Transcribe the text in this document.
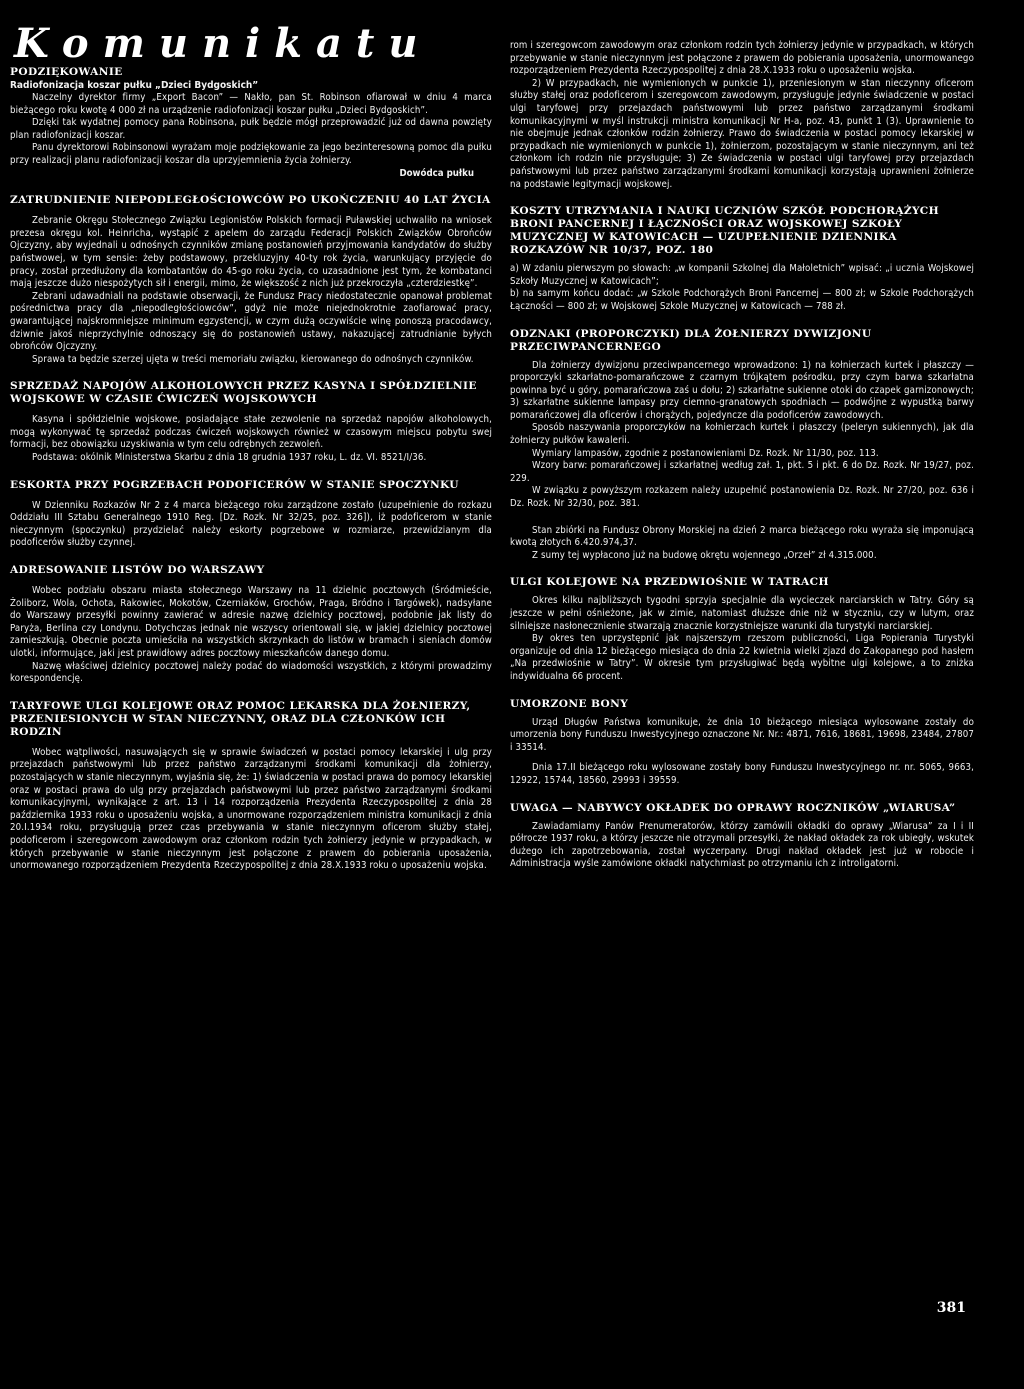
Komunikatu
PODZIĘKOWANIE
Radiofonizacja koszar pułku „Dzieci Bydgoskich”

Naczelny dyrektor firmy „Export Bacon” — Nakło, pan St. Robinson ofiarował w dniu 4 marca bieżącego roku kwotę 4 000 zł na urządzenie radiofonizacji koszar pułku „Dzieci Bydgoskich”.

Dzięki tak wydatnej pomocy pana Robinsona, pułk będzie mógł przeprowadzić już od dawna powzięty plan radiofonizacji koszar.

Panu dyrektorowi Robinsonowi wyrażam moje podziękowanie za jego bezinteresowną pomoc dla pułku przy realizacji planu radiofonizacji koszar dla uprzyjemnienia życia żołnierzy.

Dowódca pułku
ZATRUDNIENIE NIEPODLEGŁOŚCIOWCÓW PO UKOŃCZENIU 40 LAT ŻYCIA

Zebranie Okręgu Stołecznego Związku Legionistów Polskich formacji Puławskiej uchwaliło na wniosek prezesa okręgu kol. Heinricha, wystąpić z apelem do zarządu Federacji Polskich Związków Obrońców Ojczyzny, aby wyjednali u odnośnych czynników zmianę postanowień przyjmowania kandydatów do służby państwowej, w tym sensie: żeby podstawowy, przekluzyjny 40-ty rok życia, warunkujący przyjęcie do pracy, został przedłużony dla kombatantów do 45-go roku życia, co uzasadnione jest tym, że kombatanci mają jeszcze dużo niespożytych sił i energii, mimo, że większość z nich już przekroczyła „czterdziestkę”.

Zebrani udawadniali na podstawie obserwacji, że Fundusz Pracy niedostatecznie opanował problemat pośrednictwa pracy dla „niepodległościowców”, gdyż nie może niejednokrotnie zaofiarować pracy, gwarantującej najskromniejsze minimum egzystencji, w czym dużą oczywiście winę ponoszą pracodawcy, dziwnie jakoś nieprzychylnie odnoszący się do postanowień ustawy, nakazującej zatrudnianie byłych obrońców Ojczyzny.

Sprawa ta będzie szerzej ujęta w treści memoriału związku, kierowanego do odnośnych czynników.

SPRZEDAŻ NAPOJÓW ALKOHOLOWYCH PRZEZ KASYNA I SPÓŁDZIELNIE WOJSKOWE W CZASIE ĆWICZEŃ WOJSKOWYCH

Kasyna i spółdzielnie wojskowe, posiadające stałe zezwolenie na sprzedaż napojów alkoholowych, mogą wykonywać tę sprzedaż podczas ćwiczeń wojskowych również w czasowym miejscu pobytu swej formacji, bez obowiązku uzyskiwania w tym celu odrębnych zezwoleń.

Podstawa: okólnik Ministerstwa Skarbu z dnia 18 grudnia 1937 roku, L. dz. VI. 8521/I/36.

ESKORTA PRZY POGRZEBACH PODOFICERÓW W STANIE SPOCZYNKU

W Dzienniku Rozkazów Nr 2 z 4 marca bieżącego roku zarządzone zostało (uzupełnienie do rozkazu Oddziału III Sztabu Generalnego 1910 Reg. [Dz. Rozk. Nr 32/25, poz. 326]), iż podoficerom w stanie nieczynnym (spoczynku) przydzielać należy eskorty pogrzebowe w rozmiarze, przewidzianym dla podoficerów służby czynnej.

ADRESOWANIE LISTÓW DO WARSZAWY

Wobec podziału obszaru miasta stołecznego Warszawy na 11 dzielnic pocztowych (Śródmieście, Żoliborz, Wola, Ochota, Rakowiec, Mokotów, Czerniaków, Grochów, Praga, Bródno i Targówek), nadsyłane do Warszawy przesyłki powinny zawierać w adresie nazwę dzielnicy pocztowej, podobnie jak listy do Paryża, Berlina czy Londynu. Dotychczas jednak nie wszyscy orientowali się, w jakiej dzielnicy pocztowej zamieszkują. Obecnie poczta umieściła na wszystkich skrzynkach do listów w bramach i sieniach domów ulotki, informujące, jaki jest prawidłowy adres pocztowy mieszkańców danego domu.

Nazwę właściwej dzielnicy pocztowej należy podać do wiadomości wszystkich, z którymi prowadzimy korespondencję.

TARYFOWE ULGI KOLEJOWE ORAZ POMOC LEKARSKA DLA ŻOŁNIERZY, PRZENIESIONYCH W STAN NIECZYNNY, ORAZ DLA CZŁONKÓW ICH RODZIN

Wobec wątpliwości, nasuwających się w sprawie świadczeń w postaci pomocy lekarskiej i ulg przy przejazdach państwowymi lub przez państwo zarządzanymi środkami komunikacji dla żołnierzy, pozostających w stanie nieczynnym, wyjaśnia się, że: 1) świadczenia w postaci prawa do pomocy lekarskiej oraz w postaci prawa do ulg przy przejazdach państwowymi lub przez państwo zarządzanymi środkami komunikacyjnymi, wynikające z art. 13 i 14 rozporządzenia Prezydenta Rzeczypospolitej z dnia 28 października 1933 roku o uposażeniu wojska, a unormowane rozporządzeniem ministra komunikacji z dnia 20.I.1934 roku, przysługują przez czas przebywania w stanie nieczynnym oficerom służby stałej, podoficerom i szeregowcom zawodowym oraz członkom rodzin tych żołnierzy jedynie w przypadkach, w których przebywanie w stanie nieczynnym jest połączone z prawem do pobierania uposażenia, unormowanego rozporządzeniem Prezydenta Rzeczypospolitej z dnia 28.X.1933 roku o uposażeniu wojska.

rom i szeregowcom zawodowym oraz członkom rodzin tych żołnierzy jedynie w przypadkach, w których przebywanie w stanie nieczynnym jest połączone z prawem do pobierania uposażenia, unormowanego rozporządzeniem Prezydenta Rzeczypospolitej z dnia 28.X.1933 roku o uposażeniu wojska.

2) W przypadkach, nie wymienionych w punkcie 1), przeniesionym w stan nieczynny oficerom służby stałej oraz podoficerom i szeregowcom zawodowym, przysługuje jedynie świadczenie w postaci ulgi taryfowej przy przejazdach państwowymi lub przez państwo zarządzanymi środkami komunikacyjnymi w myśl instrukcji ministra komunikacji Nr H-a, poz. 43, punkt 1 (3). Uprawnienie to nie obejmuje jednak członków rodzin żołnierzy. Prawo do świadczenia w postaci pomocy lekarskiej w przypadkach nie wymienionych w punkcie 1), żołnierzom, pozostającym w stanie nieczynnym, ani też członkom ich rodzin nie przysługuje; 3) Ze świadczenia w postaci ulgi taryfowej przy przejazdach państwowymi lub przez państwo zarządzanymi środkami komunikacji korzystają uprawnieni żołnierze na podstawie legitymacji wojskowej.

KOSZTY UTRZYMANIA I NAUKI UCZNIÓW SZKÓŁ PODCHORĄŻYCH BRONI PANCERNEJ I ŁĄCZNOŚCI ORAZ WOJSKOWEJ SZKOŁY MUZYCZNEJ W KATOWICACH — UZUPEŁNIENIE DZIENNIKA ROZKAZÓW NR 10/37, POZ. 180

a) W zdaniu pierwszym po słowach: „w kompanii Szkolnej dla Małoletnich” wpisać: „i ucznia Wojskowej Szkoły Muzycznej w Katowicach”;

b) na samym końcu dodać: „w Szkole Podchorążych Broni Pancernej — 800 zł; w Szkole Podchorążych Łączności — 800 zł; w Wojskowej Szkole Muzycznej w Katowicach — 788 zł.

ODZNAKI (PROPORCZYKI) DLA ŻOŁNIERZY DYWIZJONU PRZECIWPANCERNEGO

Dla żołnierzy dywizjonu przeciwpancernego wprowadzono: 1) na kołnierzach kurtek i płaszczy — proporczyki szkarłatno-pomarańczowe z czarnym trójkątem pośrodku, przy czym barwa szkarłatna powinna być u góry, pomarańczowa zaś u dołu; 2) szkarłatne sukienne otoki do czapek garnizonowych; 3) szkarłatne sukienne lampasy przy ciemno-granatowych spodniach — podwójne z wypustką barwy pomarańczowej dla oficerów i chorążych, pojedyncze dla podoficerów zawodowych.

Sposób naszywania proporczyków na kołnierzach kurtek i płaszczy (peleryn sukiennych), jak dla żołnierzy pułków kawalerii.

Wymiary lampasów, zgodnie z postanowieniami Dz. Rozk. Nr 11/30, poz. 113.

Wzory barw: pomarańczowej i szkarłatnej według zał. 1, pkt. 5 i pkt. 6 do Dz. Rozk. Nr 19/27, poz. 229.

W związku z powyższym rozkazem należy uzupełnić postanowienia Dz. Rozk. Nr 27/20, poz. 636 i Dz. Rozk. Nr 32/30, poz. 381.

Stan zbiórki na Fundusz Obrony Morskiej na dzień 2 marca bieżącego roku wyraża się imponującą kwotą złotych 6.420.974,37.

Z sumy tej wypłacono już na budowę okrętu wojennego „Orzeł” zł 4.315.000.

ULGI KOLEJOWE NA PRZEDWIOŚNIE W TATRACH

Okres kilku najbliższych tygodni sprzyja specjalnie dla wycieczek narciarskich w Tatry. Góry są jeszcze w pełni ośnieżone, jak w zimie, natomiast dłuższe dnie niż w styczniu, czy w lutym, oraz silniejsze nasłonecznienie stwarzają znacznie korzystniejsze warunki dla turystyki narciarskiej.

By okres ten uprzystępnić jak najszerszym rzeszom publiczności, Liga Popierania Turystyki organizuje od dnia 12 bieżącego miesiąca do dnia 22 kwietnia wielki zjazd do Zakopanego pod hasłem „Na przedwiośnie w Tatry”. W okresie tym przysługiwać będą wybitne ulgi kolejowe, a to zniżka indywidualna 66 procent.

UMORZONE BONY

Urząd Długów Państwa komunikuje, że dnia 10 bieżącego miesiąca wylosowane zostały do umorzenia bony Funduszu Inwestycyjnego oznaczone Nr. Nr.: 4871, 7616, 18681, 19698, 23484, 27807 i 33514.

Dnia 17.II bieżącego roku wylosowane zostały bony Funduszu Inwestycyjnego nr. nr. 5065, 9663, 12922, 15744, 18560, 29993 i 39559.

UWAGA — NABYWCY OKŁADEK DO OPRAWY ROCZNIKÓW „WIARUSA”

Zawiadamiamy Panów Prenumeratorów, którzy zamówili okładki do oprawy „Wiarusa” za I i II półrocze 1937 roku, a którzy jeszcze nie otrzymali przesyłki, że nakład okładek za rok ubiegły, wskutek dużego ich zapotrzebowania, został wyczerpany. Drugi nakład okładek jest już w robocie i Administracja wyśle zamówione okładki natychmiast po otrzymaniu ich z introligatorni.

381
